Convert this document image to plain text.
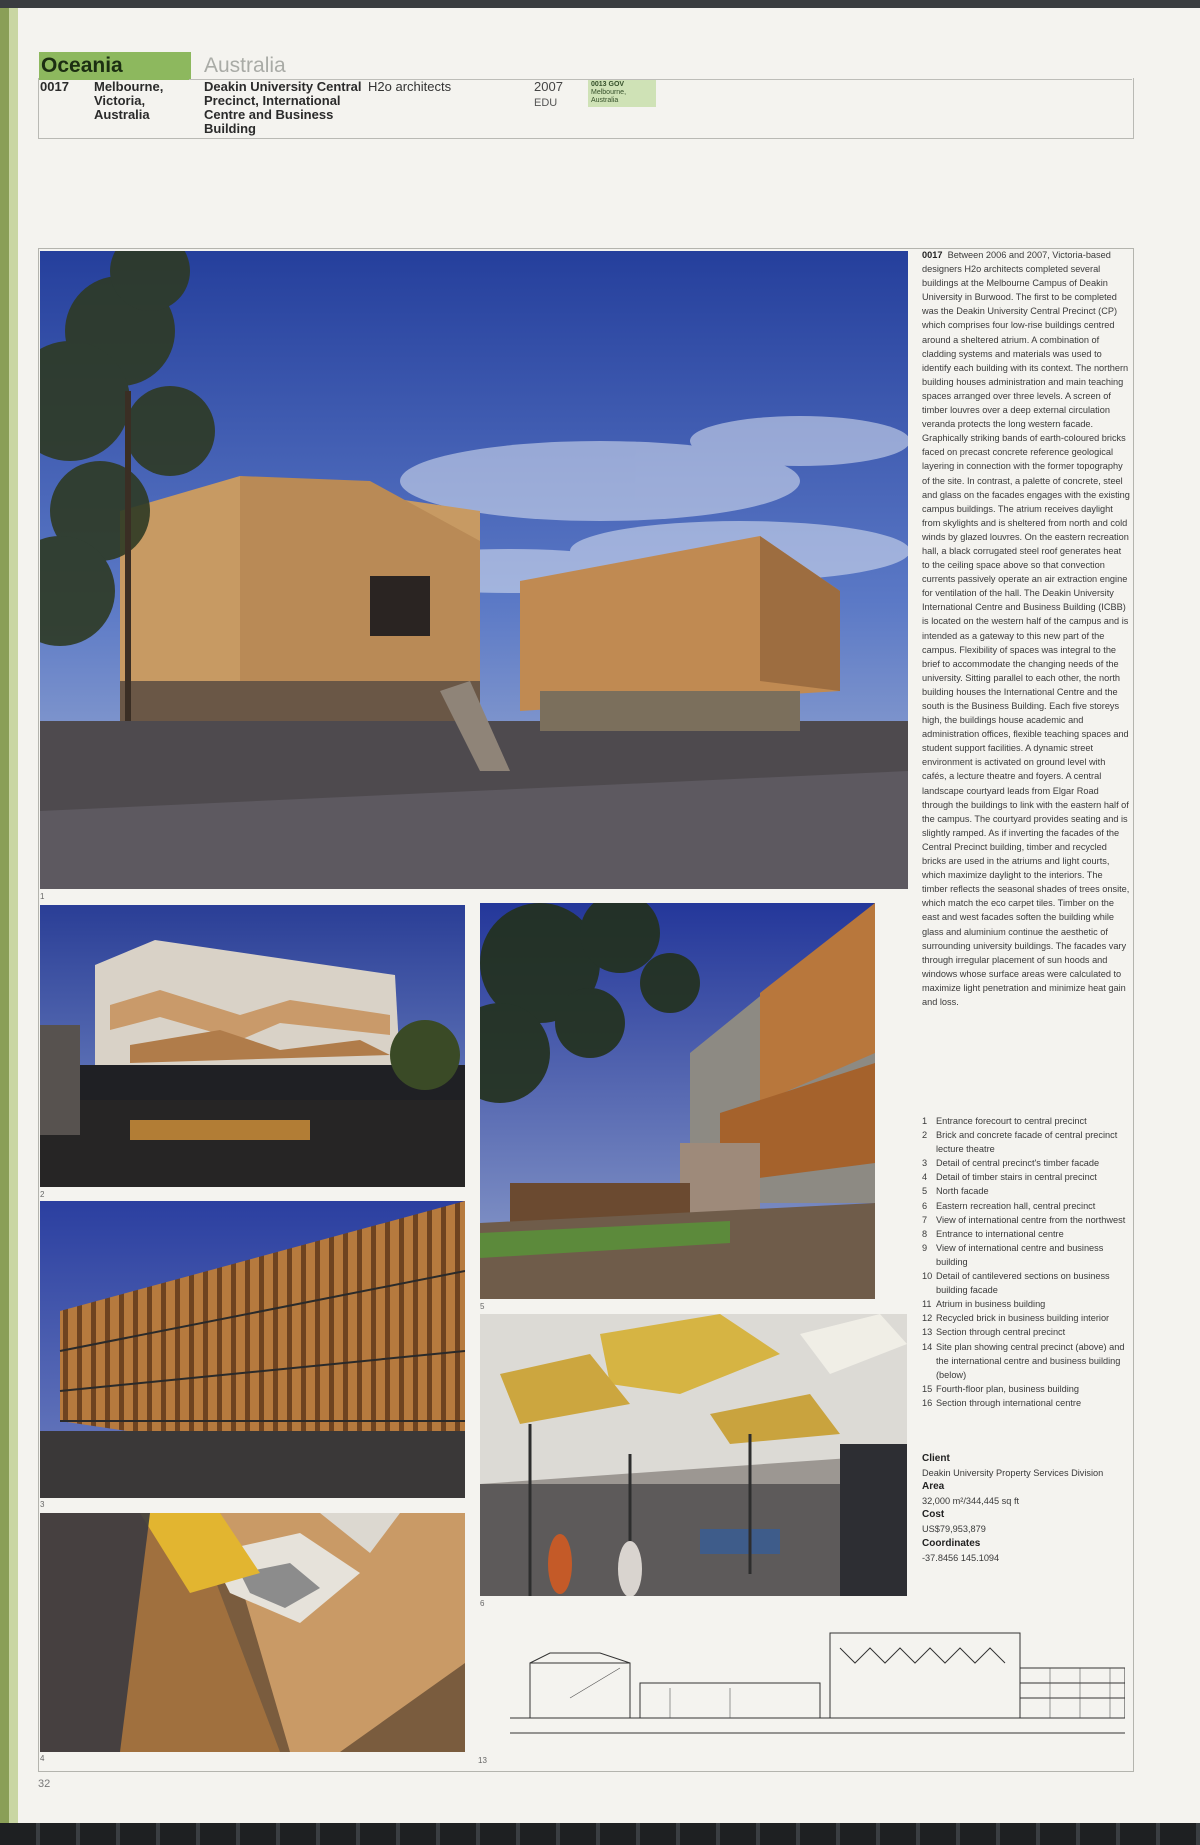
Oceania	Australia
0017 Melbourne,
Victoria,
Australia
Deakin University Central
Precinct, International
Centre and Business
Building
H2o architects	2007
EDU
0013 GOV
Melbourne,
Australia
1
2
3
4
5
6
13

0017 Between 2006 and 2007, Victoria-based designers H2o architects completed several buildings at the Melbourne Campus of Deakin University in Burwood. The first to be completed was the Deakin University Central Precinct (CP) which comprises four low-rise buildings centred around a sheltered atrium. A combination of cladding systems and materials was used to identify each building with its context. The northern building houses administration and main teaching spaces arranged over three levels. A screen of timber louvres over a deep external circulation veranda protects the long western facade. Graphically striking bands of earth-coloured bricks faced on precast concrete reference geological layering in connection with the former topography of the site. In contrast, a palette of concrete, steel and glass on the facades engages with the existing campus buildings. The atrium receives daylight from skylights and is sheltered from north and cold winds by glazed louvres. On the eastern recreation hall, a black corrugated steel roof generates heat to the ceiling space above so that convection currents passively operate an air extraction engine for ventilation of the hall. The Deakin University International Centre and Business Building (ICBB) is located on the western half of the campus and is intended as a gateway to this new part of the campus. Flexibility of spaces was integral to the brief to accommodate the changing needs of the university. Sitting parallel to each other, the north building houses the International Centre and the south is the Business Building. Each five storeys high, the buildings house academic and administration offices, flexible teaching spaces and student support facilities. A dynamic street environment is activated on ground level with cafés, a lecture theatre and foyers. A central landscape courtyard leads from Elgar Road through the buildings to link with the eastern half of the campus. The courtyard provides seating and is slightly ramped. As if inverting the facades of the Central Precinct building, timber and recycled bricks are used in the atriums and light courts, which maximize daylight to the interiors. The timber reflects the seasonal shades of trees onsite, which match the eco carpet tiles. Timber on the east and west facades soften the building while glass and aluminium continue the aesthetic of surrounding university buildings. The facades vary through irregular placement of sun hoods and windows whose surface areas were calculated to maximize light penetration and minimize heat gain and loss.

1 Entrance forecourt to central precinct
2 Brick and concrete facade of central precinct lecture theatre
3 Detail of central precinct's timber facade
4 Detail of timber stairs in central precinct
5 North facade
6 Eastern recreation hall, central precinct
7 View of international centre from the northwest
8 Entrance to international centre
9 View of international centre and business building
10 Detail of cantilevered sections on business building facade
11 Atrium in business building
12 Recycled brick in business building interior
13 Section through central precinct
14 Site plan showing central precinct (above) and the international centre and business building (below)
15 Fourth-floor plan, business building
16 Section through international centre
Client
Deakin University Property Services Division
Area
32,000 m²/344,445 sq ft
Cost
US$79,953,879
Coordinates
-37.8456 145.1094
32
